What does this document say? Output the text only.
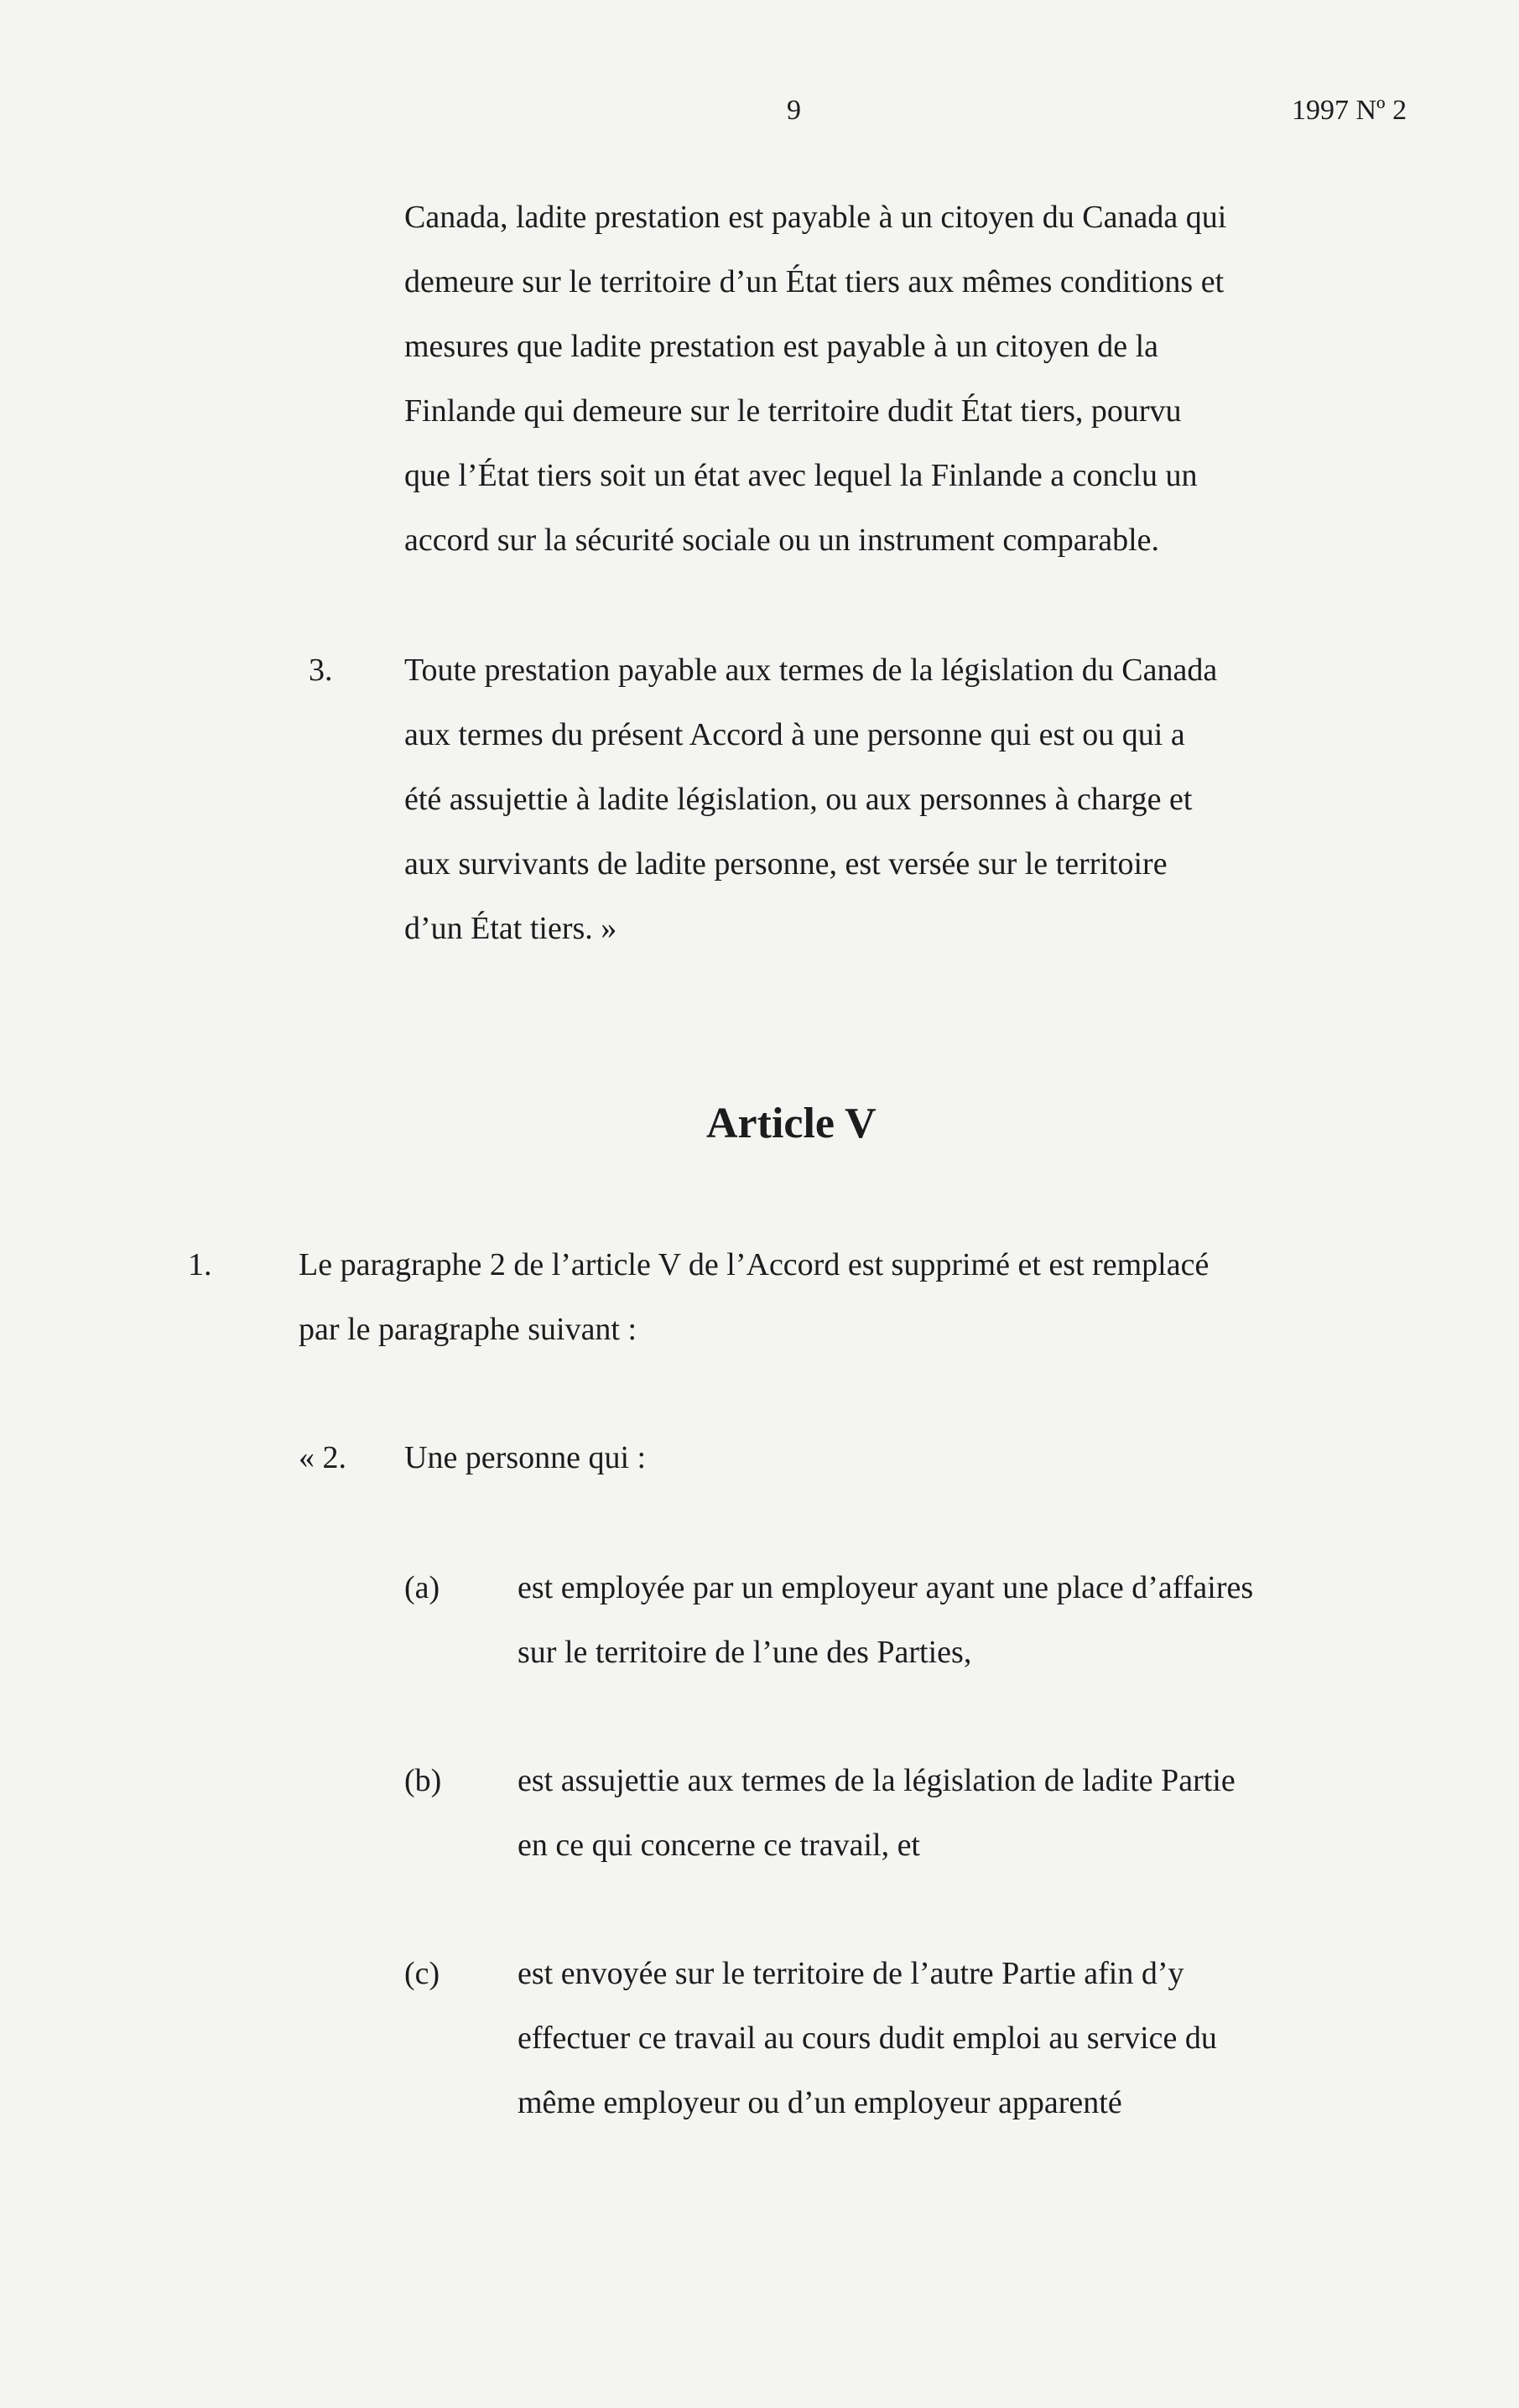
9	1997 Nº 2
Canada, ladite prestation est payable à un citoyen du Canada qui
demeure sur le territoire d’un État tiers aux mêmes conditions et
mesures que ladite prestation est payable à un citoyen de la
Finlande qui demeure sur le territoire dudit État tiers, pourvu
que l’État tiers soit un état avec lequel la Finlande a conclu un
accord sur la sécurité sociale ou un instrument comparable.
3. Toute prestation payable aux termes de la législation du Canada
aux termes du présent Accord à une personne qui est ou qui a
été assujettie à ladite législation, ou aux personnes à charge et
aux survivants de ladite personne, est versée sur le territoire
d’un État tiers. »
Article V
1.	Le paragraphe 2 de l’article V de l’Accord est supprimé et est remplacé
par le paragraphe suivant :
« 2. Une personne qui :
(a) est employée par un employeur ayant une place d’affaires
sur le territoire de l’une des Parties,
(b) est assujettie aux termes de la législation de ladite Partie
en ce qui concerne ce travail, et
(c) est envoyée sur le territoire de l’autre Partie afin d’y
effectuer ce travail au cours dudit emploi au service du
même employeur ou d’un employeur apparenté
